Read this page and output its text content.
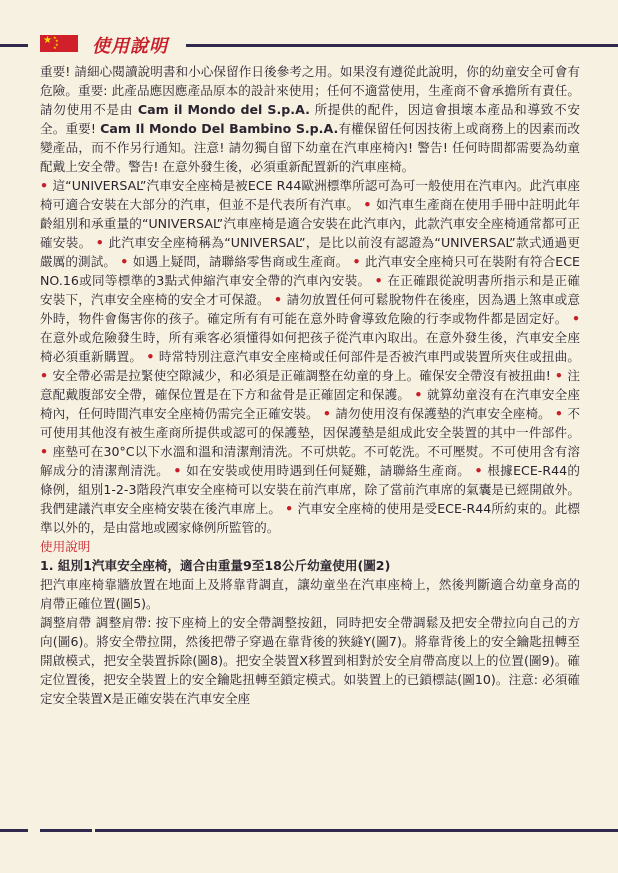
★ ★
★
★
★ 使用說明

重要! 請細心閱讀說明書和小心保留作日後參考之用。如果沒有遵從此說明，你的幼童安全可會有危險。重要: 此產品應因應產品原本的設計來使用；任何不適當使用，生產商不會承擔所有責任。請勿使用不是由 Cam il Mondo del S.p.A. 所提供的配件，因這會損壞本產品和導致不安全。重要! Cam Il Mondo Del Bambino S.p.A.有權保留任何因技術上或商務上的因素而改變產品，而不作另行通知。注意! 請勿獨自留下幼童在汽車座椅內! 警告! 任何時間都需要為幼童配戴上安全帶。警告! 在意外發生後，必須重新配置新的汽車座椅。

• 這“UNIVERSAL”汽車安全座椅是被ECE R44歐洲標準所認可為可一般使用在汽車內。此汽車座椅可適合安裝在大部分的汽車，但並不是代表所有汽車。 • 如汽車生產商在使用手冊中註明此年齡組別和承重量的“UNIVERSAL”汽車座椅是適合安裝在此汽車內，此款汽車安全座椅通常都可正確安裝。 • 此汽車安全座椅稱為“UNIVERSAL”，是比以前沒有認證為“UNIVERSAL”款式通過更嚴厲的測試。 • 如遇上疑問，請聯絡零售商或生產商。 • 此汽車安全座椅只可在裝附有符合ECE NO.16或同等標準的3點式伸縮汽車安全帶的汽車內安裝。 • 在正確跟從說明書所指示和是正確安裝下，汽車安全座椅的安全才可保證。 • 請勿放置任何可鬆脫物件在後座，因為遇上煞車或意外時，物件會傷害你的孩子。確定所有有可能在意外時會導致危險的行李或物件都是固定好。 • 在意外或危險發生時，所有乘客必須懂得如何把孩子從汽車內取出。在意外發生後，汽車安全座椅必須重新購置。 • 時常特別注意汽車安全座椅或任何部件是否被汽車門或裝置所夾住或扭曲。 • 安全帶必需是拉緊使空隙減少，和必須是正確調整在幼童的身上。確保安全帶沒有被扭曲! • 注意配戴腹部安全帶，確保位置是在下方和盆骨是正確固定和保護。 • 就算幼童沒有在汽車安全座椅內，任何時間汽車安全座椅仍需完全正確安裝。 • 請勿使用沒有保護墊的汽車安全座椅。 • 不可使用其他沒有被生產商所提供或認可的保護墊，因保護墊是組成此安全裝置的其中一件部件。 • 座墊可在30°C以下水溫和溫和清潔劑清洗。不可烘乾。不可乾洗。不可壓熨。不可使用含有溶解成分的清潔劑清洗。 • 如在安裝或使用時遇到任何疑難，請聯絡生產商。 • 根據ECE-R44的條例，組別1-2-3階段汽車安全座椅可以安裝在前汽車席，除了當前汽車席的氣囊是已經開啟外。我們建議汽車安全座椅安裝在後汽車席上。 • 汽車安全座椅的使用是受ECE-R44所約束的。此標準以外的，是由當地或國家條例所監管的。

使用說明

1. 組別1汽車安全座椅，適合由重量9至18公斤幼童使用(圖2)

把汽車座椅靠牆放置在地面上及將靠背調直，讓幼童坐在汽車座椅上，然後判斷適合幼童身高的肩帶正確位置(圖5)。

調整肩帶 調整肩帶: 按下座椅上的安全帶調整按鈕，同時把安全帶調鬆及把安全帶拉向自己的方向(圖6)。將安全帶拉開，然後把帶子穿過在靠背後的狹縫Y(圖7)。將靠背後上的安全鑰匙扭轉至開啟模式，把安全裝置拆除(圖8)。把安全裝置X移置到相對於安全肩帶高度以上的位置(圖9)。確定位置後，把安全裝置上的安全鑰匙扭轉至鎖定模式。如裝置上的已鎖標誌(圖10)。注意: 必須確定安全裝置X是正確安裝在汽車安全座
